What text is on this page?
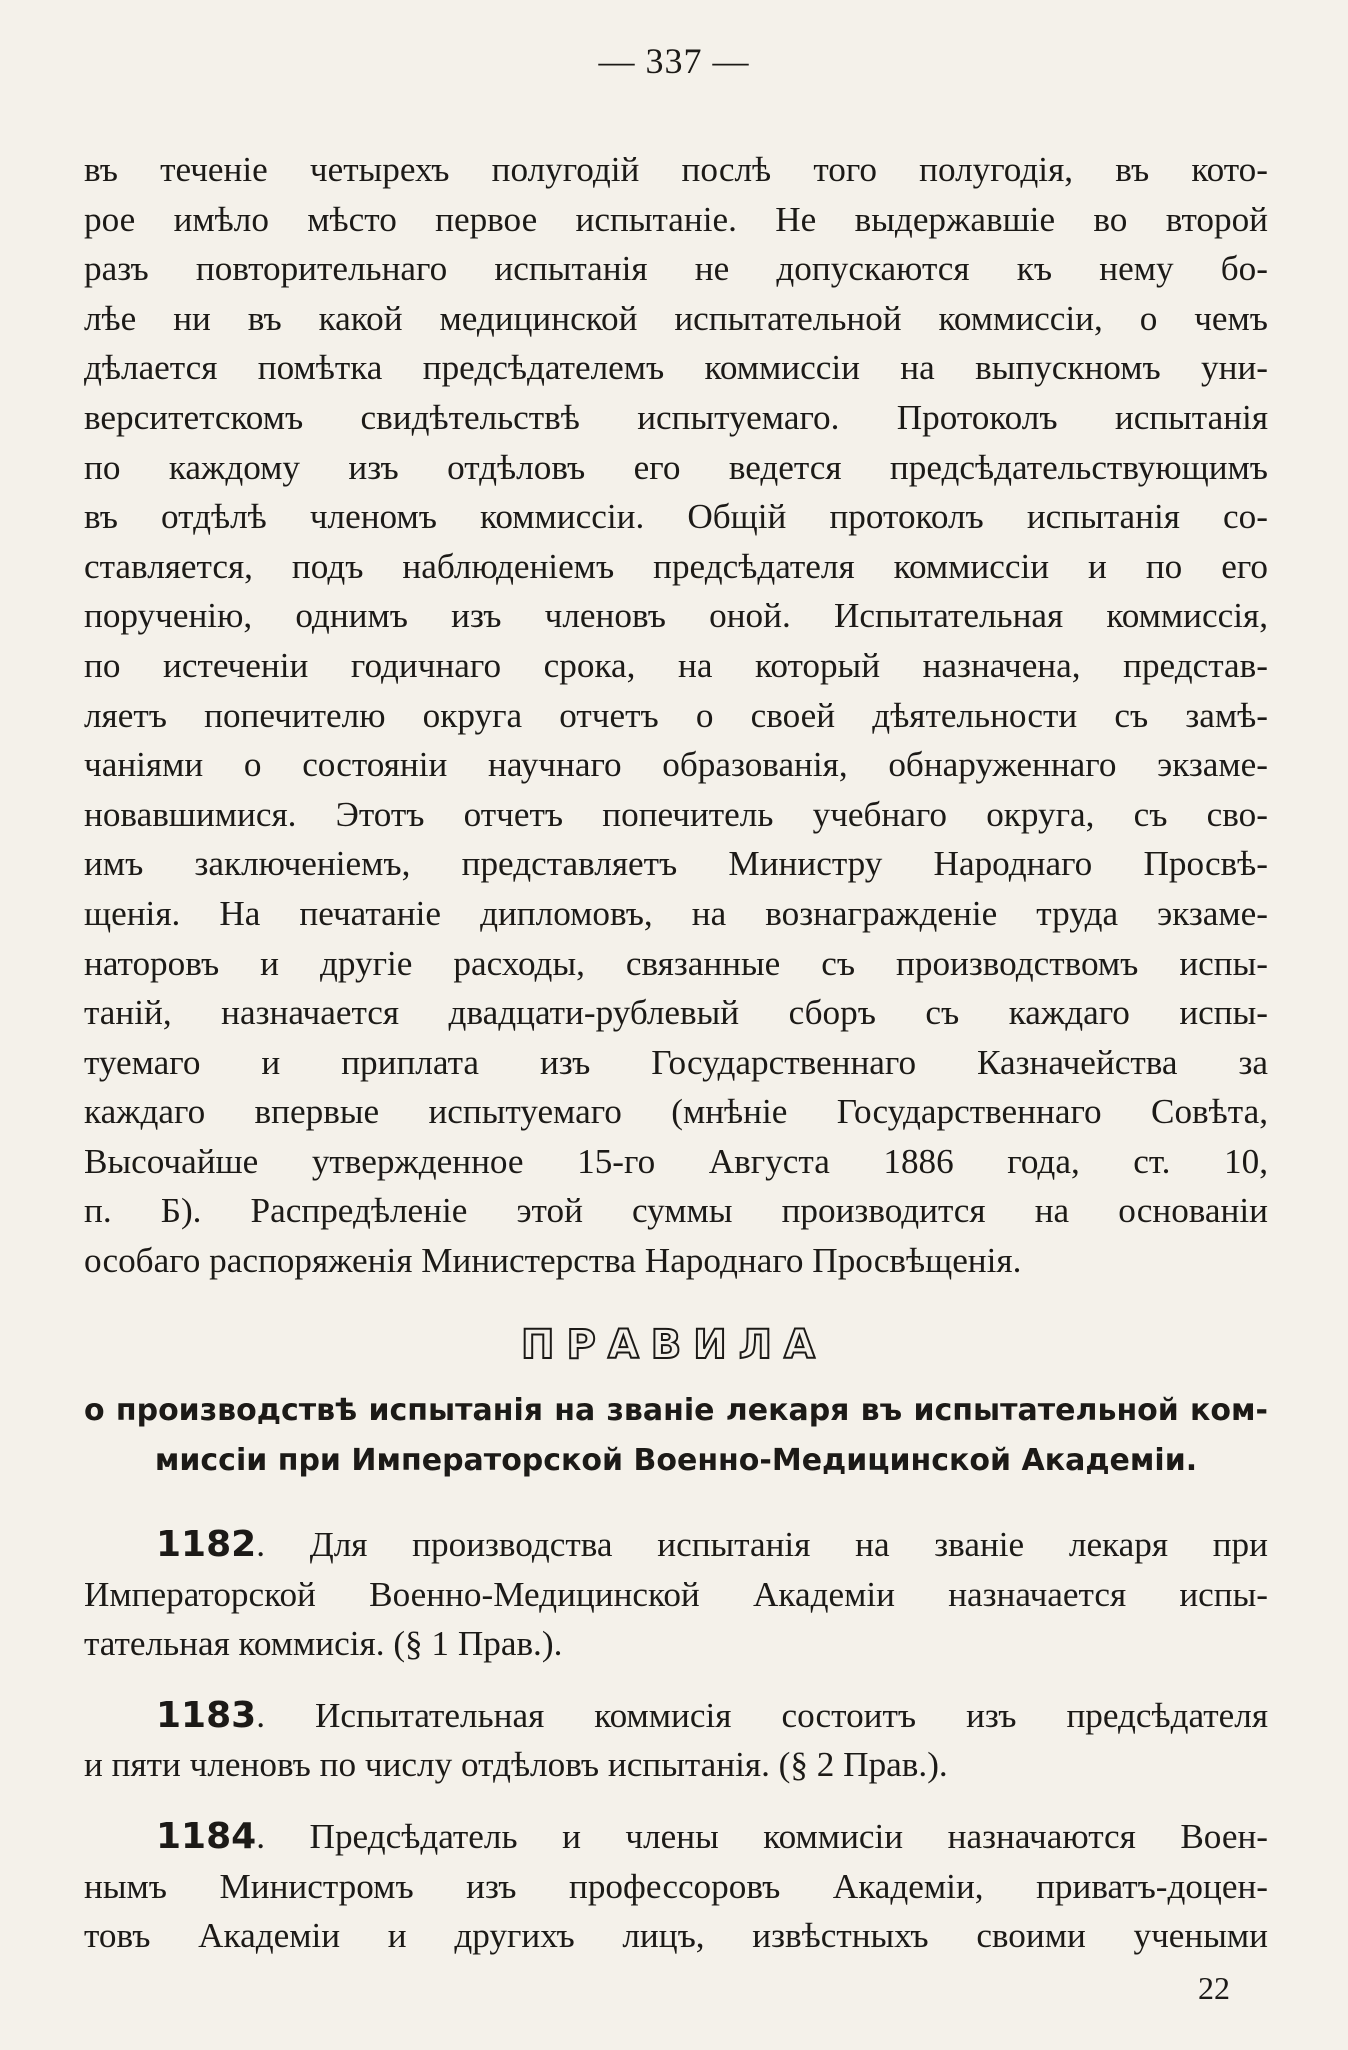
— 337 —
въ теченіе четырехъ полугодій послѣ того полугодія, въ кото-
рое имѣло мѣсто первое испытаніе. Не выдержавшіе во второй
разъ повторительнаго испытанія не допускаются къ нему бо-
лѣе ни въ какой медицинской испытательной коммиссіи, о чемъ
дѣлается помѣтка предсѣдателемъ коммиссіи на выпускномъ уни-
верситетскомъ свидѣтельствѣ испытуемаго. Протоколъ испытанія
по каждому изъ отдѣловъ его ведется предсѣдательствующимъ
въ отдѣлѣ членомъ коммиссіи. Общій протоколъ испытанія со-
ставляется, подъ наблюденіемъ предсѣдателя коммиссіи и по его
порученію, однимъ изъ членовъ оной. Испытательная коммиссія,
по истеченіи годичнаго срока, на который назначена, представ-
ляетъ попечителю округа отчетъ о своей дѣятельности съ замѣ-
чаніями о состояніи научнаго образованія, обнаруженнаго экзаме-
новавшимися. Этотъ отчетъ попечитель учебнаго округа, съ сво-
имъ заключеніемъ, представляетъ Министру Народнаго Просвѣ-
щенія. На печатаніе дипломовъ, на вознагражденіе труда экзаме-
наторовъ и другіе расходы, связанные съ производствомъ испы-
таній, назначается двадцати-рублевый сборъ съ каждаго испы-
туемаго и приплата изъ Государственнаго Казначейства за
каждаго впервые испытуемаго (мнѣніе Государственнаго Совѣта,
Высочайше утвержденное 15-го Августа 1886 года, ст. 10,
п. Б). Распредѣленіе этой суммы производится на основаніи
особаго распоряженія Министерства Народнаго Просвѣщенія.
ПРАВИЛА
о производствѣ испытанія на званіе лекаря въ испытательной ком-
миссіи при Императорской Военно-Медицинской Академіи.
1182. Для производства испытанія на званіе лекаря при
Императорской Военно-Медицинской Академіи назначается испы-
тательная коммисія. (§ 1 Прав.).
1183. Испытательная коммисія состоитъ изъ предсѣдателя
и пяти членовъ по числу отдѣловъ испытанія. (§ 2 Прав.).
1184. Предсѣдатель и члены коммисіи назначаются Воен-
нымъ Министромъ изъ профессоровъ Академіи, приватъ-доцен-
товъ Академіи и другихъ лицъ, извѣстныхъ своими учеными
22
